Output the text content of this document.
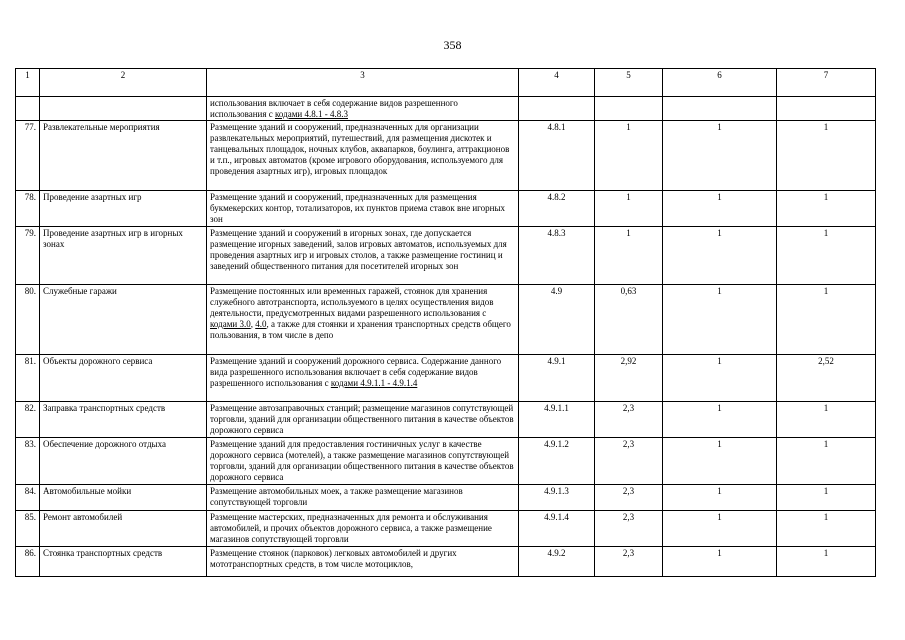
358
1	2	3	4	5	6	7
		использования включает в себя содержание видов разрешенного использования с кодами 4.8.1 - 4.8.3				
77.	Развлекательные мероприятия	Размещение зданий и сооружений, предназначенных для организации развлекательных мероприятий, путешествий, для размещения дискотек и танцевальных площадок, ночных клубов, аквапарков, боулинга, аттракционов и т.п., игровых автоматов (кроме игрового оборудования, используемого для проведения азартных игр), игровых площадок	4.8.1	1	1	1
78.	Проведение азартных игр	Размещение зданий и сооружений, предназначенных для размещения букмекерских контор, тотализаторов, их пунктов приема ставок вне игорных зон	4.8.2	1	1	1
79.	Проведение азартных игр в игорных зонах	Размещение зданий и сооружений в игорных зонах, где допускается размещение игорных заведений, залов игровых автоматов, используемых для проведения азартных игр и игровых столов, а также размещение гостиниц и заведений общественного питания для посетителей игорных зон	4.8.3	1	1	1
80.	Служебные гаражи	Размещение постоянных или временных гаражей, стоянок для хранения служебного автотранспорта, используемого в целях осуществления видов деятельности, предусмотренных видами разрешенного использования с кодами 3.0, 4.0, а также для стоянки и хранения транспортных средств общего пользования, в том числе в депо	4.9	0,63	1	1
81.	Объекты дорожного сервиса	Размещение зданий и сооружений дорожного сервиса. Содержание данного вида разрешенного использования включает в себя содержание видов разрешенного использования с кодами 4.9.1.1 - 4.9.1.4	4.9.1	2,92	1	2,52
82.	Заправка транспортных средств	Размещение автозаправочных станций; размещение магазинов сопутствующей торговли, зданий для организации общественного питания в качестве объектов дорожного сервиса	4.9.1.1	2,3	1	1
83.	Обеспечение дорожного отдыха	Размещение зданий для предоставления гостиничных услуг в качестве дорожного сервиса (мотелей), а также размещение магазинов сопутствующей торговли, зданий для организации общественного питания в качестве объектов дорожного сервиса	4.9.1.2	2,3	1	1
84.	Автомобильные мойки	Размещение автомобильных моек, а также размещение магазинов сопутствующей торговли	4.9.1.3	2,3	1	1
85.	Ремонт автомобилей	Размещение мастерских, предназначенных для ремонта и обслуживания автомобилей, и прочих объектов дорожного сервиса, а также размещение магазинов сопутствующей торговли	4.9.1.4	2,3	1	1
86.	Стоянка транспортных средств	Размещение стоянок (парковок) легковых автомобилей и других мототранспортных средств, в том числе мотоциклов,	4.9.2	2,3	1	1
